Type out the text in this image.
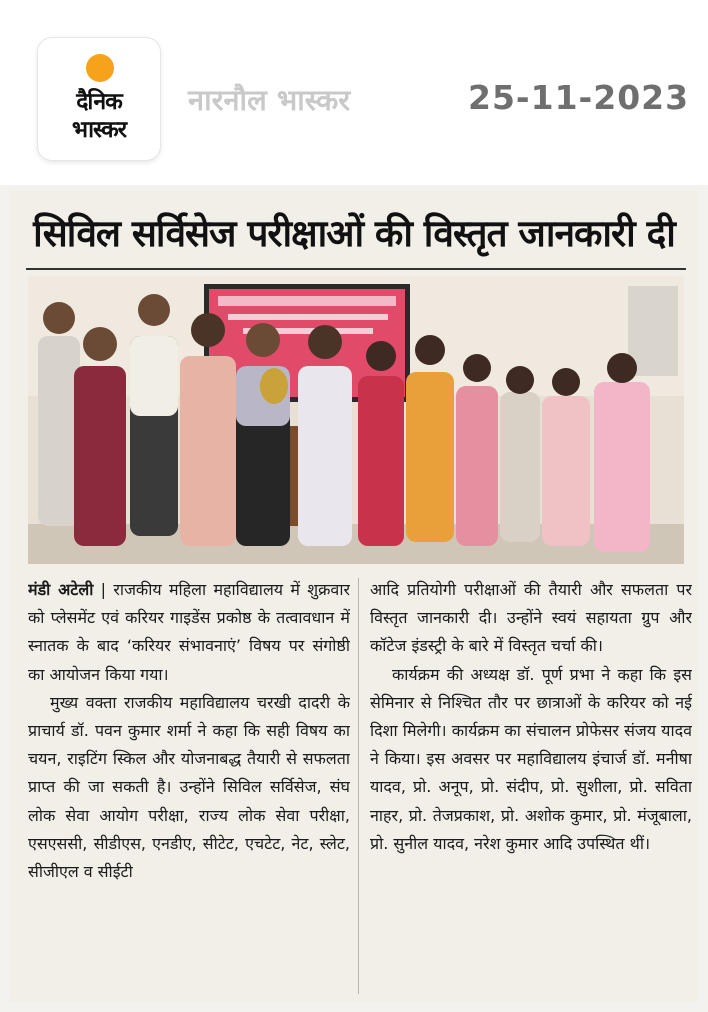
दैनिक
भास्कर
नारनौल भास्कर	25-11-2023
सिविल सर्विसेज परीक्षाओं की विस्तृत जानकारी दी

मंडी अटेली | राजकीय महिला महाविद्यालय में शुक्रवार को प्लेसमेंट एवं करियर गाइडेंस प्रकोष्ठ के तत्वावधान में स्नातक के बाद ‘करियर संभावनाएं’ विषय पर संगोष्ठी का आयोजन किया गया।

मुख्य वक्ता राजकीय महाविद्यालय चरखी दादरी के प्राचार्य डॉ. पवन कुमार शर्मा ने कहा कि सही विषय का चयन, राइटिंग स्किल और योजनाबद्ध तैयारी से सफलता प्राप्त की जा सकती है। उन्होंने सिविल सर्विसेज, संघ लोक सेवा आयोग परीक्षा, राज्य लोक सेवा परीक्षा, एसएससी, सीडीएस, एनडीए, सीटेट, एचटेट, नेट, स्लेट, सीजीएल व सीईटी

आदि प्रतियोगी परीक्षाओं की तैयारी और सफलता पर विस्तृत जानकारी दी। उन्होंने स्वयं सहायता ग्रुप और कॉटेज इंडस्ट्री के बारे में विस्तृत चर्चा की।

कार्यक्रम की अध्यक्ष डॉ. पूर्ण प्रभा ने कहा कि इस सेमिनार से निश्चित तौर पर छात्राओं के करियर को नई दिशा मिलेगी। कार्यक्रम का संचालन प्रोफेसर संजय यादव ने किया। इस अवसर पर महाविद्यालय इंचार्ज डॉ. मनीषा यादव, प्रो. अनूप, प्रो. संदीप, प्रो. सुशीला, प्रो. सविता नाहर, प्रो. तेजप्रकाश, प्रो. अशोक कुमार, प्रो. मंजूबाला, प्रो. सुनील यादव, नरेश कुमार आदि उपस्थित थीं।
